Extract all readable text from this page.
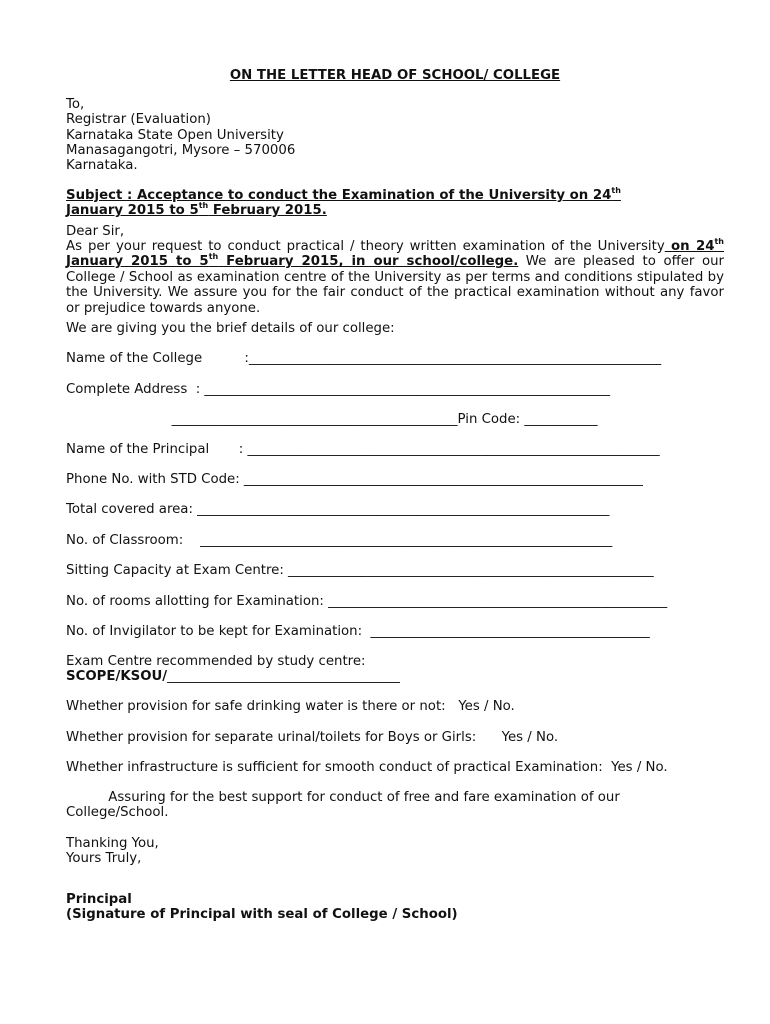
ON THE LETTER HEAD OF SCHOOL/ COLLEGE
To,
Registrar (Evaluation)
Karnataka State Open University
Manasagangotri, Mysore – 570006
Karnataka.
Subject : Acceptance to conduct the Examination of the University on 24th
January 2015 to 5th February 2015.
Dear Sir,
As per your request to conduct practical / theory written examination of the University on 24th January 2015 to 5th February 2015, in our school/college. We are pleased to offer our College / School as examination centre of the University as per terms and conditions stipulated by the University. We assure you for the fair conduct of the practical examination without any favor or prejudice towards anyone.
We are giving you the brief details of our college:
Name of the College          :______________________________________________________________
Complete Address  : _____________________________________________________________
___________________________________________Pin Code: ___________
Name of the Principal       : ______________________________________________________________
Phone No. with STD Code: ____________________________________________________________
Total covered area: ______________________________________________________________
No. of Classroom:    ______________________________________________________________
Sitting Capacity at Exam Centre: _______________________________________________________
No. of rooms allotting for Examination: ___________________________________________________
No. of Invigilator to be kept for Examination:  __________________________________________
Exam Centre recommended by study centre:
SCOPE/KSOU/___________________________________
Whether provision for safe drinking water is there or not:   Yes / No.
Whether provision for separate urinal/toilets for Boys or Girls:      Yes / No.
Whether infrastructure is sufficient for smooth conduct of practical Examination:  Yes / No.
Assuring for the best support for conduct of free and fare examination of our
College/School.
Thanking You,
Yours Truly,
Principal
(Signature of Principal with seal of College / School)
